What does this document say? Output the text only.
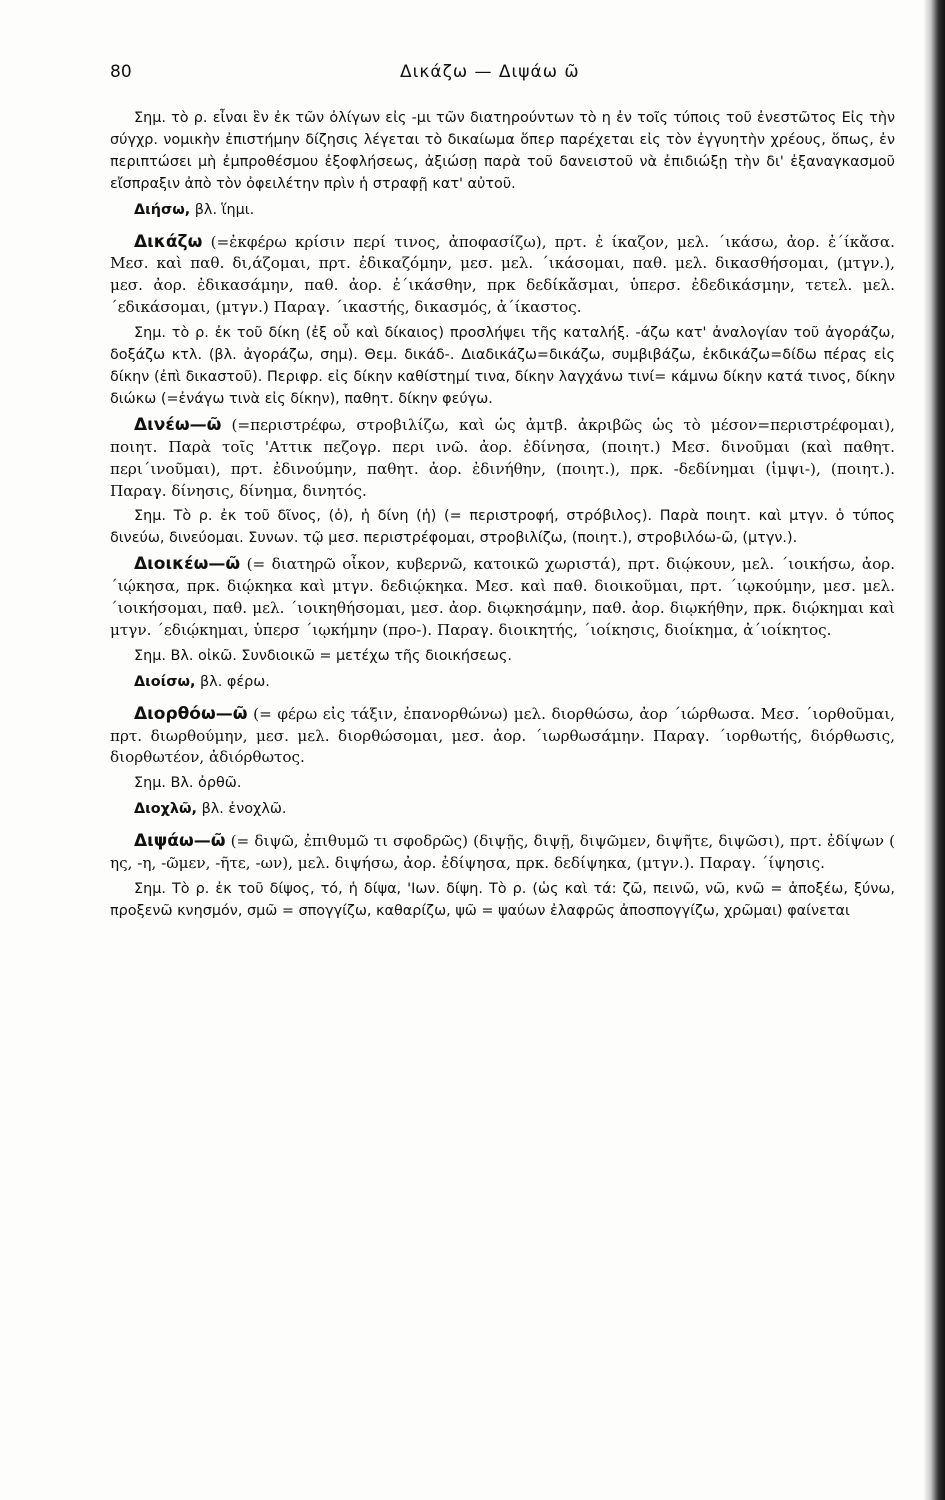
80	Δικάζω — Διψάω ῶ

Σημ. τὸ ρ. εἶναι ἓν ἐκ τῶν ὀλίγων εἰς -μι τῶν διατηρούντων τὸ η ἐν τοῖς τύποις τοῦ ἐνεστῶτος Εἰς τὴν σύγχρ. νομικὴν ἐπιστήμην δίζησις λέγεται τὸ δικαίωμα ὅπερ παρέχεται εἰς τὸν ἐγγυητὴν χρέους, ὅπως, ἐν περιπτώσει μὴ ἐμπροθέσμου ἐξοφλήσεως, ἀξιώσῃ παρὰ τοῦ δανειστοῦ νὰ ἐπιδιώξῃ τὴν δι' ἐξαναγκασμοῦ εἴσπραξιν ἀπὸ τὸν ὀφειλέτην πρὶν ἡ στραφῇ κατ' αὐτοῦ.

Διήσω, βλ. ἵημι.

Δικάζω (=ἐκφέρω κρίσιν περί τινος, ἀποφασίζω), πρτ. ἐ ίκαζον, μελ. ΄ικάσω, ἀορ. ἐ΄ίκἄσα. Μεσ. καὶ παθ. δι,άζομαι, πρτ. ἐδικαζόμην, μεσ. μελ. ΄ικάσομαι, παθ. μελ. δικασθήσομαι, (μτγν.), μεσ. ἀορ. ἐδικασάμην, παθ. ἀορ. ἐ΄ικάσθην, πρκ δεδίκἄσμαι, ὑπερσ. ἐδεδικάσμην, τετελ. μελ. ΄εδικάσομαι, (μτγν.) Παραγ. ΄ικαστής, δικασμός, ἀ΄ίκαστος.

Σημ. τὸ ρ. ἐκ τοῦ δίκη (ἐξ οὗ καὶ δίκαιος) προσλήψει τῆς καταλήξ. -άζω κατ' ἀναλογίαν τοῦ ἀγοράζω, δοξάζω κτλ. (βλ. ἀγοράζω, σημ). Θεμ. δικάδ-. Διαδικάζω=δικάζω, συμβιβάζω, ἐκδικάζω=δίδω πέρας εἰς δίκην (ἐπὶ δικαστοῦ). Περιφρ. εἰς δίκην καθίστημί τινα, δίκην λαγχάνω τινί= κάμνω δίκην κατά τινος, δίκην διώκω (=ἐνάγω τινὰ εἰς δίκην), παθητ. δίκην φεύγω.

Δινέω—ῶ (=περιστρέφω, στροβιλίζω, καὶ ὡς ἀμτβ. ἀκριβῶς ὡς τὸ μέσον=περιστρέφομαι), ποιητ. Παρὰ τοῖς 'Αττικ πεζογρ. περι ινῶ. ἀορ. ἐδίνησα, (ποιητ.) Μεσ. δινοῦμαι (καὶ παθητ. περι΄ινοῦμαι), πρτ. ἐδινούμην, παθητ. ἀορ. ἐδινήθην, (ποιητ.), πρκ. -δεδίνημαι (ἱμψι-), (ποιητ.). Παραγ. δίνησις, δίνημα, δινητός.

Σημ. Τὸ ρ. ἐκ τοῦ δῖνος, (ὁ), ἡ δίνη (ἡ) (= περιστροφή, στρόβιλος). Παρὰ ποιητ. καὶ μτγν. ὁ τύπος δινεύω, δινεύομαι. Συνων. τῷ μεσ. περιστρέφομαι, στροβιλίζω, (ποιητ.), στροβιλόω-ῶ, (μτγν.).

Διοικέω—ῶ (= διατηρῶ οἶκον, κυβερνῶ, κατοικῶ χωριστά), πρτ. διῴκουν, μελ. ΄ιοικήσω, ἀορ. ΄ιῴκησα, πρκ. διῴκηκα καὶ μτγν. δεδιῴκηκα. Μεσ. καὶ παθ. διοικοῦμαι, πρτ. ΄ιῳκούμην, μεσ. μελ. ΄ιοικήσομαι, παθ. μελ. ΄ιοικηθήσομαι, μεσ. ἀορ. διῳκησάμην, παθ. ἀορ. διῳκήθην, πρκ. διῴκημαι καὶ μτγν. ΄εδιῴκημαι, ὑπερσ ΄ιῳκήμην (προ-). Παραγ. διοικητής, ΄ιοίκησις, διοίκημα, ἀ΄ιοίκητος.

Σημ. Βλ. οἰκῶ. Συνδιοικῶ = μετέχω τῆς διοικήσεως.

Διοίσω, βλ. φέρω.

Διορθόω—ῶ (= φέρω εἰς τάξιν, ἐπανορθώνω) μελ. διορθώσω, ἀορ ΄ιώρθωσα. Μεσ. ΄ιορθοῦμαι, πρτ. διωρθούμην, μεσ. μελ. διορθώσομαι, μεσ. ἀορ. ΄ιωρθωσάμην. Παραγ. ΄ιορθωτής, διόρθωσις, διορθωτέον, ἀδιόρθωτος.

Σημ. Βλ. ὀρθῶ.

Διοχλῶ, βλ. ἐνοχλῶ.

Διψάω—ῶ (= διψῶ, ἐπιθυμῶ τι σφοδρῶς) (διψῇς, διψῇ, διψῶμεν, διψῆτε, διψῶσι), πρτ. ἐδίψων ( ης, -η, -ῶμεν, -ῆτε, -ων), μελ. διψήσω, ἀορ. ἐδίψησα, πρκ. δεδίψηκα, (μτγν.). Παραγ. ΄ίψησις.

Σημ. Τὸ ρ. ἐκ τοῦ δίψος, τό, ἡ δίψα, 'Ιων. δίψη. Τὸ ρ. (ὡς καὶ τά: ζῶ, πεινῶ, νῶ, κνῶ = ἀποξέω, ξύνω, προξενῶ κνησμόν, σμῶ = σπογγίζω, καθαρίζω, ψῶ = ψαύων ἐλαφρῶς ἀποσπογγίζω, χρῶμαι) φαίνεται
